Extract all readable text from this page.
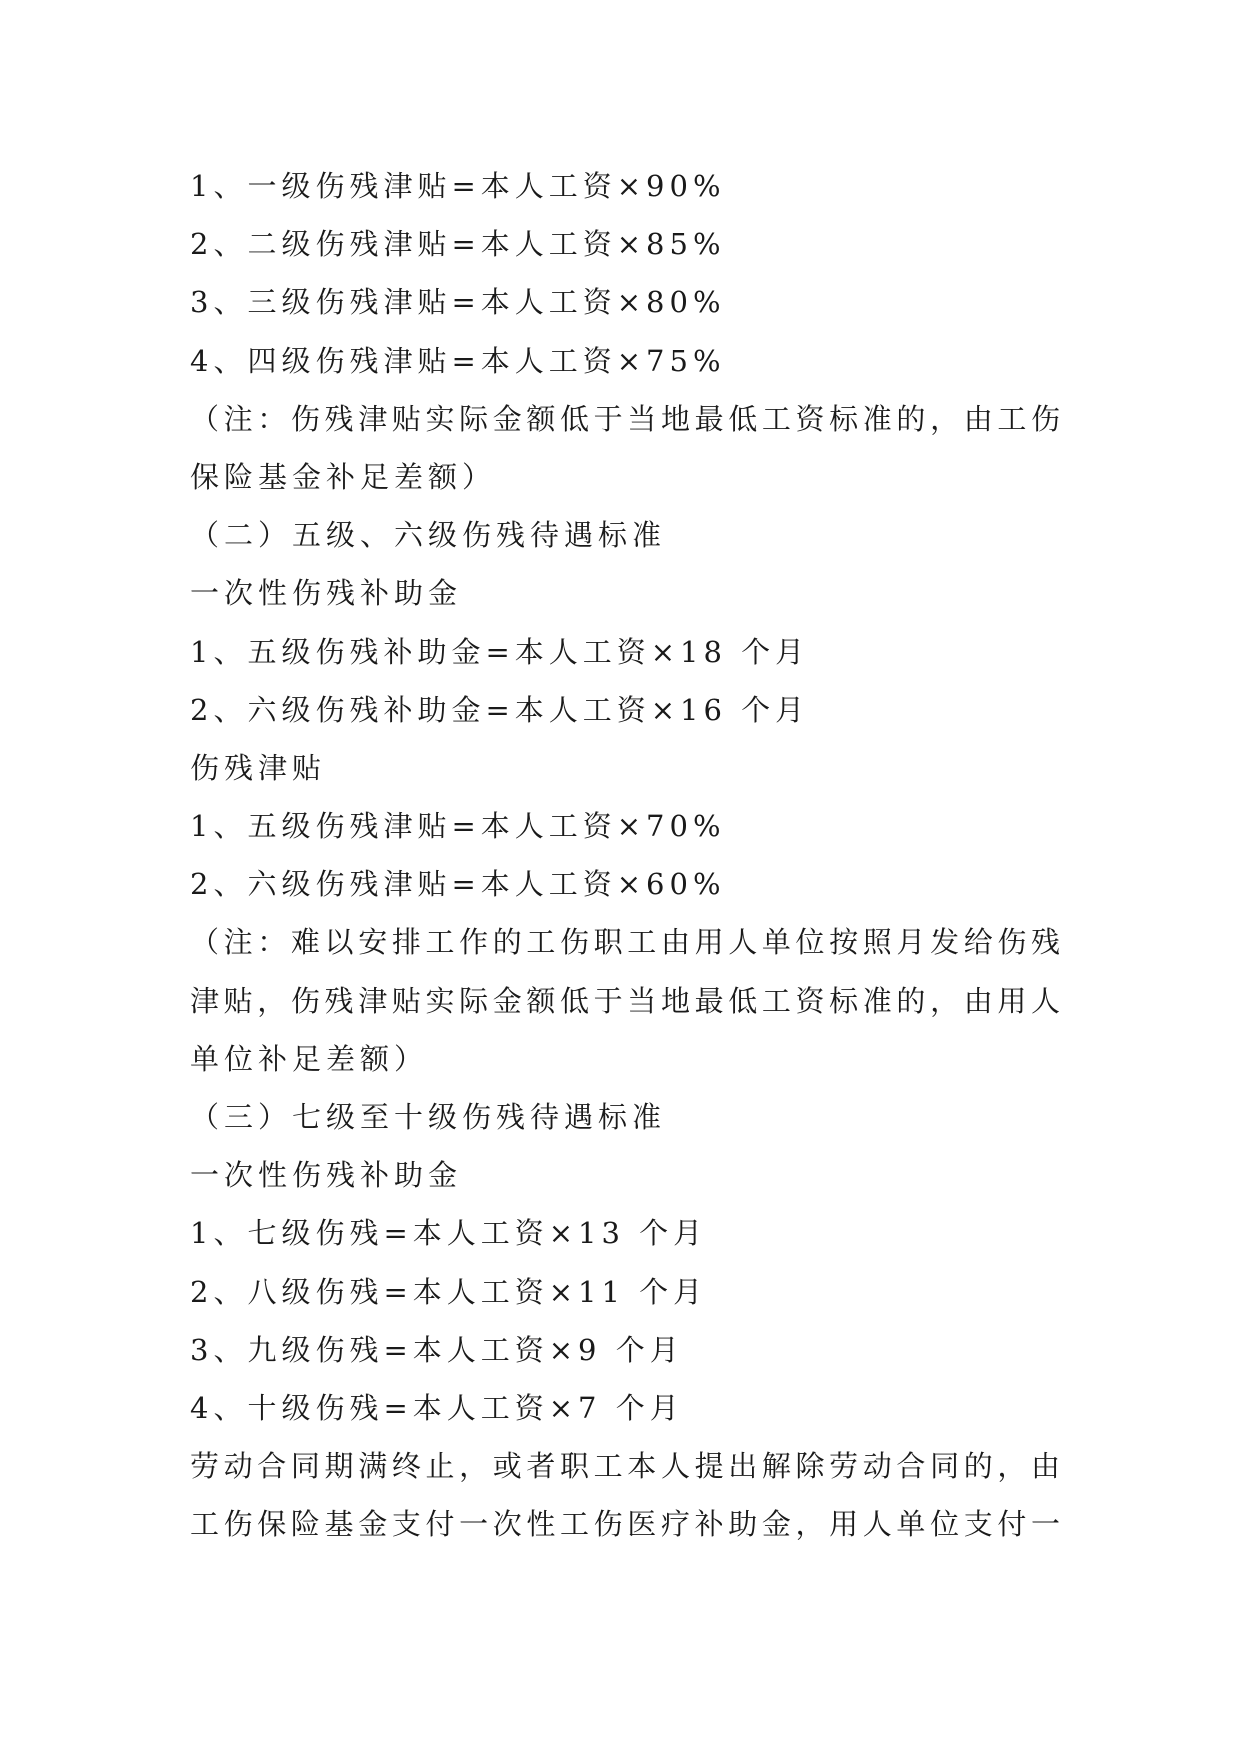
1、一级伤残津贴=本人工资×90%

2、二级伤残津贴=本人工资×85%

3、三级伤残津贴=本人工资×80%

4、四级伤残津贴=本人工资×75%

（注：伤残津贴实际金额低于当地最低工资标准的，由工伤

保险基金补足差额）

（二）五级、六级伤残待遇标准

一次性伤残补助金

1、五级伤残补助金=本人工资×18 个月

2、六级伤残补助金=本人工资×16 个月

伤残津贴

1、五级伤残津贴=本人工资×70%

2、六级伤残津贴=本人工资×60%

（注：难以安排工作的工伤职工由用人单位按照月发给伤残

津贴，伤残津贴实际金额低于当地最低工资标准的，由用人

单位补足差额）

（三）七级至十级伤残待遇标准

一次性伤残补助金

1、七级伤残=本人工资×13 个月

2、八级伤残=本人工资×11 个月

3、九级伤残=本人工资×9 个月

4、十级伤残=本人工资×7 个月

劳动合同期满终止，或者职工本人提出解除劳动合同的，由

工伤保险基金支付一次性工伤医疗补助金，用人单位支付一
